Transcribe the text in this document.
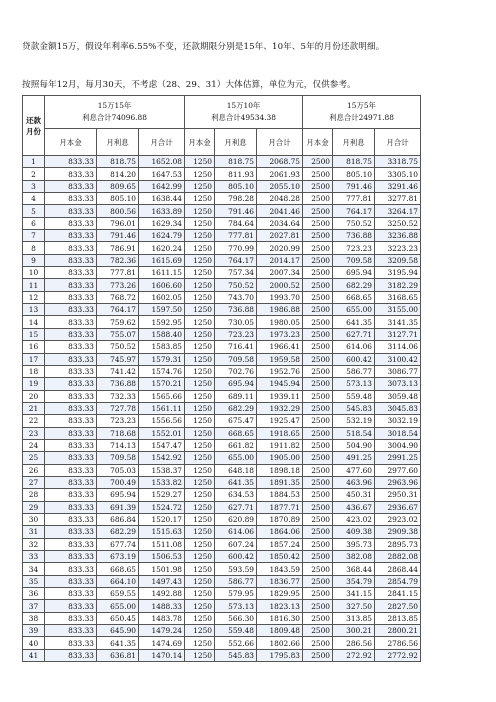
贷款金额15万，假设年利率6.55%不变，还款期限分别是15年、10年、5年的月份还款明细。
按照每年12月，每月30天，不考虑（28、29、31）大体估算，单位为元，仅供参考。
还款
月份	15万15年
利息合计74096.88			15万10年
利息合计49534.38			15万5年
利息合计24971.88		

	月本金	月利息	月合计	月本金	月利息	月合计	月本金	月利息	月合计
1	833.33	818.75	1652.08	1250	818.75	2068.75	2500	818.75	3318.75
2	833.33	814.20	1647.53	1250	811.93	2061.93	2500	805.10	3305.10
3	833.33	809.65	1642.99	1250	805.10	2055.10	2500	791.46	3291.46
4	833.33	805.10	1638.44	1250	798.28	2048.28	2500	777.81	3277.81
5	833.33	800.56	1633.89	1250	791.46	2041.46	2500	764.17	3264.17
6	833.33	796.01	1629.34	1250	784.64	2034.64	2500	750.52	3250.52
7	833.33	791.46	1624.79	1250	777.81	2027.81	2500	736.88	3236.88
8	833.33	786.91	1620.24	1250	770.99	2020.99	2500	723.23	3223.23
9	833.33	782.36	1615.69	1250	764.17	2014.17	2500	709.58	3209.58
10	833.33	777.81	1611.15	1250	757.34	2007.34	2500	695.94	3195.94
11	833.33	773.26	1606.60	1250	750.52	2000.52	2500	682.29	3182.29
12	833.33	768.72	1602.05	1250	743.70	1993.70	2500	668.65	3168.65
13	833.33	764.17	1597.50	1250	736.88	1986.88	2500	655.00	3155.00
14	833.33	759.62	1592.95	1250	730.05	1980.05	2500	641.35	3141.35
15	833.33	755.07	1588.40	1250	723.23	1973.23	2500	627.71	3127.71
16	833.33	750.52	1583.85	1250	716.41	1966.41	2500	614.06	3114.06
17	833.33	745.97	1579.31	1250	709.58	1959.58	2500	600.42	3100.42
18	833.33	741.42	1574.76	1250	702.76	1952.76	2500	586.77	3086.77
19	833.33	736.88	1570.21	1250	695.94	1945.94	2500	573.13	3073.13
20	833.33	732.33	1565.66	1250	689.11	1939.11	2500	559.48	3059.48
21	833.33	727.78	1561.11	1250	682.29	1932.29	2500	545.83	3045.83
22	833.33	723.23	1556.56	1250	675.47	1925.47	2500	532.19	3032.19
23	833.33	718.68	1552.01	1250	668.65	1918.65	2500	518.54	3018.54
24	833.33	714.13	1547.47	1250	661.82	1911.82	2500	504.90	3004.90
25	833.33	709.58	1542.92	1250	655.00	1905.00	2500	491.25	2991.25
26	833.33	705.03	1538.37	1250	648.18	1898.18	2500	477.60	2977.60
27	833.33	700.49	1533.82	1250	641.35	1891.35	2500	463.96	2963.96
28	833.33	695.94	1529.27	1250	634.53	1884.53	2500	450.31	2950.31
29	833.33	691.39	1524.72	1250	627.71	1877.71	2500	436.67	2936.67
30	833.33	686.84	1520.17	1250	620.89	1870.89	2500	423.02	2923.02
31	833.33	682.29	1515.63	1250	614.06	1864.06	2500	409.38	2909.38
32	833.33	677.74	1511.08	1250	607.24	1857.24	2500	395.73	2895.73
33	833.33	673.19	1506.53	1250	600.42	1850.42	2500	382.08	2882.08
34	833.33	668.65	1501.98	1250	593.59	1843.59	2500	368.44	2868.44
35	833.33	664.10	1497.43	1250	586.77	1836.77	2500	354.79	2854.79
36	833.33	659.55	1492.88	1250	579.95	1829.95	2500	341.15	2841.15
37	833.33	655.00	1488.33	1250	573.13	1823.13	2500	327.50	2827.50
38	833.33	650.45	1483.78	1250	566.30	1816.30	2500	313.85	2813.85
39	833.33	645.90	1479.24	1250	559.48	1809.48	2500	300.21	2800.21
40	833.33	641.35	1474.69	1250	552.66	1802.66	2500	286.56	2786.56
41	833.33	636.81	1470.14	1250	545.83	1795.83	2500	272.92	2772.92
